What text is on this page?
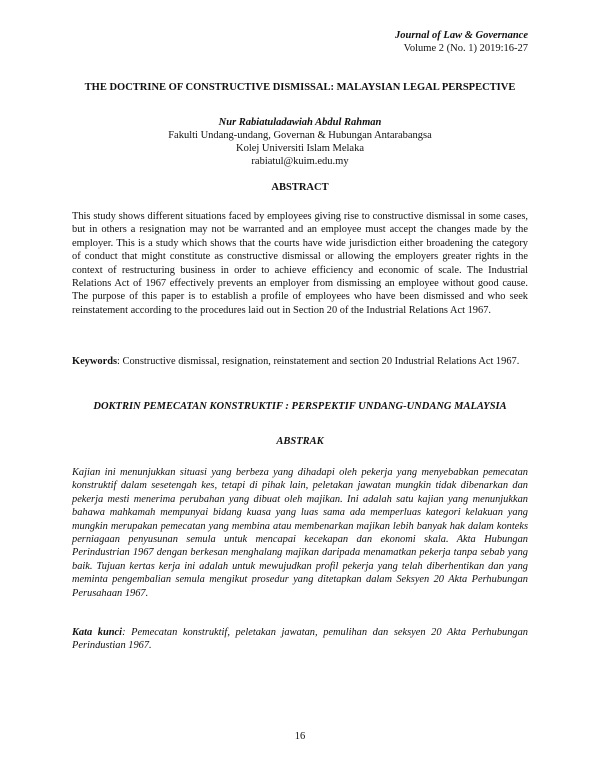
Journal of Law & Governance
Volume 2 (No. 1) 2019:16-27
THE DOCTRINE OF CONSTRUCTIVE DISMISSAL: MALAYSIAN LEGAL PERSPECTIVE
Nur Rabiatuladawiah Abdul Rahman
Fakulti Undang-undang, Governan & Hubungan Antarabangsa
Kolej Universiti Islam Melaka
rabiatul@kuim.edu.my
ABSTRACT

This study shows different situations faced by employees giving rise to constructive dismissal in some cases, but in others a resignation may not be warranted and an employee must accept the changes made by the employer. This is a study which shows that the courts have wide jurisdiction either broadening the category of conduct that might constitute as constructive dismissal or allowing the employers greater rights in the context of restructuring business in order to achieve efficiency and economic of scale. The Industrial Relations Act of 1967 effectively prevents an employer from dismissing an employee without good cause. The purpose of this paper is to establish a profile of employees who have been dismissed and who seek reinstatement according to the procedures laid out in Section 20 of the Industrial Relations Act 1967.

Keywords: Constructive dismissal, resignation, reinstatement and section 20 Industrial Relations Act 1967.

DOKTRIN PEMECATAN KONSTRUKTIF : PERSPEKTIF UNDANG-UNDANG MALAYSIA
ABSTRAK

Kajian ini menunjukkan situasi yang berbeza yang dihadapi oleh pekerja yang menyebabkan pemecatan konstruktif dalam sesetengah kes, tetapi di pihak lain, peletakan jawatan mungkin tidak dibenarkan dan pekerja mesti menerima perubahan yang dibuat oleh majikan. Ini adalah satu kajian yang menunjukkan bahawa mahkamah mempunyai bidang kuasa yang luas sama ada memperluas kategori kelakuan yang mungkin merupakan pemecatan yang membina atau membenarkan majikan lebih banyak hak dalam konteks perniagaan penyusunan semula untuk mencapai kecekapan dan ekonomi skala. Akta Hubungan Perindustrian 1967 dengan berkesan menghalang majikan daripada menamatkan pekerja tanpa sebab yang baik. Tujuan kertas kerja ini adalah untuk mewujudkan profil pekerja yang telah diberhentikan dan yang meminta pengembalian semula mengikut prosedur yang ditetapkan dalam Seksyen 20 Akta Perhubungan Perusahaan 1967.

Kata kunci: Pemecatan konstruktif, peletakan jawatan, pemulihan dan seksyen 20 Akta Perhubungan Perindustian 1967.

16
